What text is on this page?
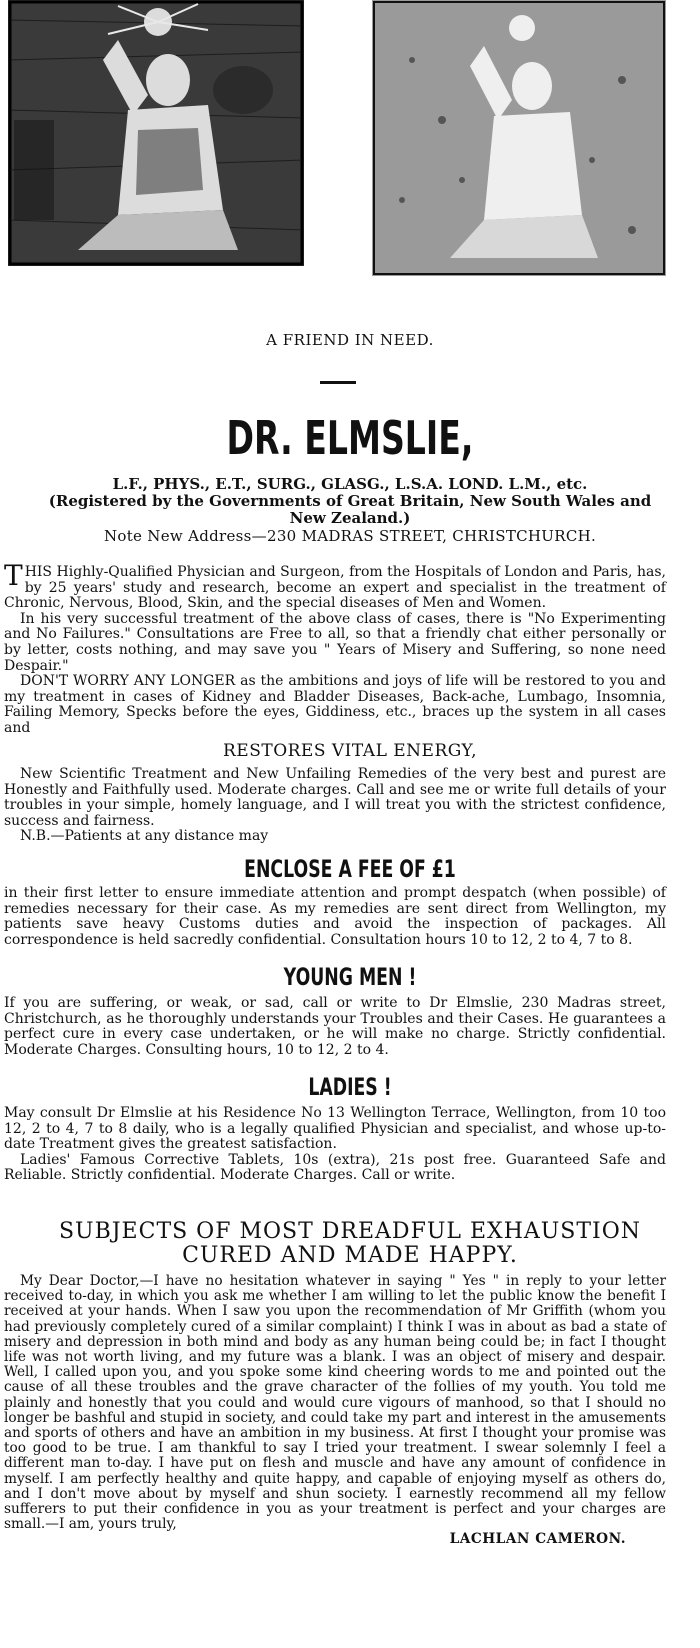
A FRIEND IN NEED.

DR. ELMSLIE,

L.F., PHYS., E.T., SURG., GLASG., L.S.A. LOND. L.M., etc.

(Registered by the Governments of Great Britain, New South Wales and New Zealand.)

Note New Address—230 MADRAS STREET, CHRISTCHURCH.

THIS Highly-Qualified Physician and Surgeon, from the Hospitals of London and Paris, has, by 25 years' study and research, become an expert and specialist in the treatment of Chronic, Nervous, Blood, Skin, and the special diseases of Men and Women.

In his very successful treatment of the above class of cases, there is "No Experimenting and No Failures." Consultations are Free to all, so that a friendly chat either personally or by letter, costs nothing, and may save you " Years of Misery and Suffering, so none need Despair."

DON'T WORRY ANY LONGER as the ambitions and joys of life will be restored to you and my treatment in cases of Kidney and Bladder Diseases, Back-ache, Lumbago, Insomnia, Failing Memory, Specks before the eyes, Giddiness, etc., braces up the system in all cases and

RESTORES VITAL ENERGY,

New Scientific Treatment and New Unfailing Remedies of the very best and purest are Honestly and Faithfully used. Moderate charges. Call and see me or write full details of your troubles in your simple, homely language, and I will treat you with the strictest confidence, success and fairness.

N.B.—Patients at any distance may

ENCLOSE A FEE OF £1

in their first letter to ensure immediate attention and prompt despatch (when possible) of remedies necessary for their case. As my remedies are sent direct from Wellington, my patients save heavy Customs duties and avoid the inspection of packages. All correspondence is held sacredly confidential. Consultation hours 10 to 12, 2 to 4, 7 to 8.

YOUNG MEN !

If you are suffering, or weak, or sad, call or write to Dr Elmslie, 230 Madras street, Christchurch, as he thoroughly understands your Troubles and their Cases. He guarantees a perfect cure in every case undertaken, or he will make no charge. Strictly confidential. Moderate Charges. Consulting hours, 10 to 12, 2 to 4.

LADIES !

May consult Dr Elmslie at his Residence No 13 Wellington Terrace, Wellington, from 10 too 12, 2 to 4, 7 to 8 daily, who is a legally qualified Physician and specialist, and whose up-to-date Treatment gives the greatest satisfaction.

Ladies' Famous Corrective Tablets, 10s (extra), 21s post free. Guaranteed Safe and Reliable. Strictly confidential. Moderate Charges. Call or write.

SUBJECTS OF MOST DREADFUL EXHAUSTION

CURED AND MADE HAPPY.

My Dear Doctor,—I have no hesitation whatever in saying " Yes " in reply to your letter received to-day, in which you ask me whether I am willing to let the public know the benefit I received at your hands. When I saw you upon the recommendation of Mr Griffith (whom you had previously completely cured of a similar complaint) I think I was in about as bad a state of misery and depression in both mind and body as any human being could be; in fact I thought life was not worth living, and my future was a blank. I was an object of misery and despair. Well, I called upon you, and you spoke some kind cheering words to me and pointed out the cause of all these troubles and the grave character of the follies of my youth. You told me plainly and honestly that you could and would cure vigours of manhood, so that I should no longer be bashful and stupid in society, and could take my part and interest in the amusements and sports of others and have an ambition in my business. At first I thought your promise was too good to be true. I am thankful to say I tried your treatment. I swear solemnly I feel a different man to-day. I have put on flesh and muscle and have any amount of confidence in myself. I am perfectly healthy and quite happy, and capable of enjoying myself as others do, and I don't move about by myself and shun society. I earnestly recommend all my fellow sufferers to put their confidence in you as your treatment is perfect and your charges are small.—I am, yours truly,

LACHLAN CAMERON.
